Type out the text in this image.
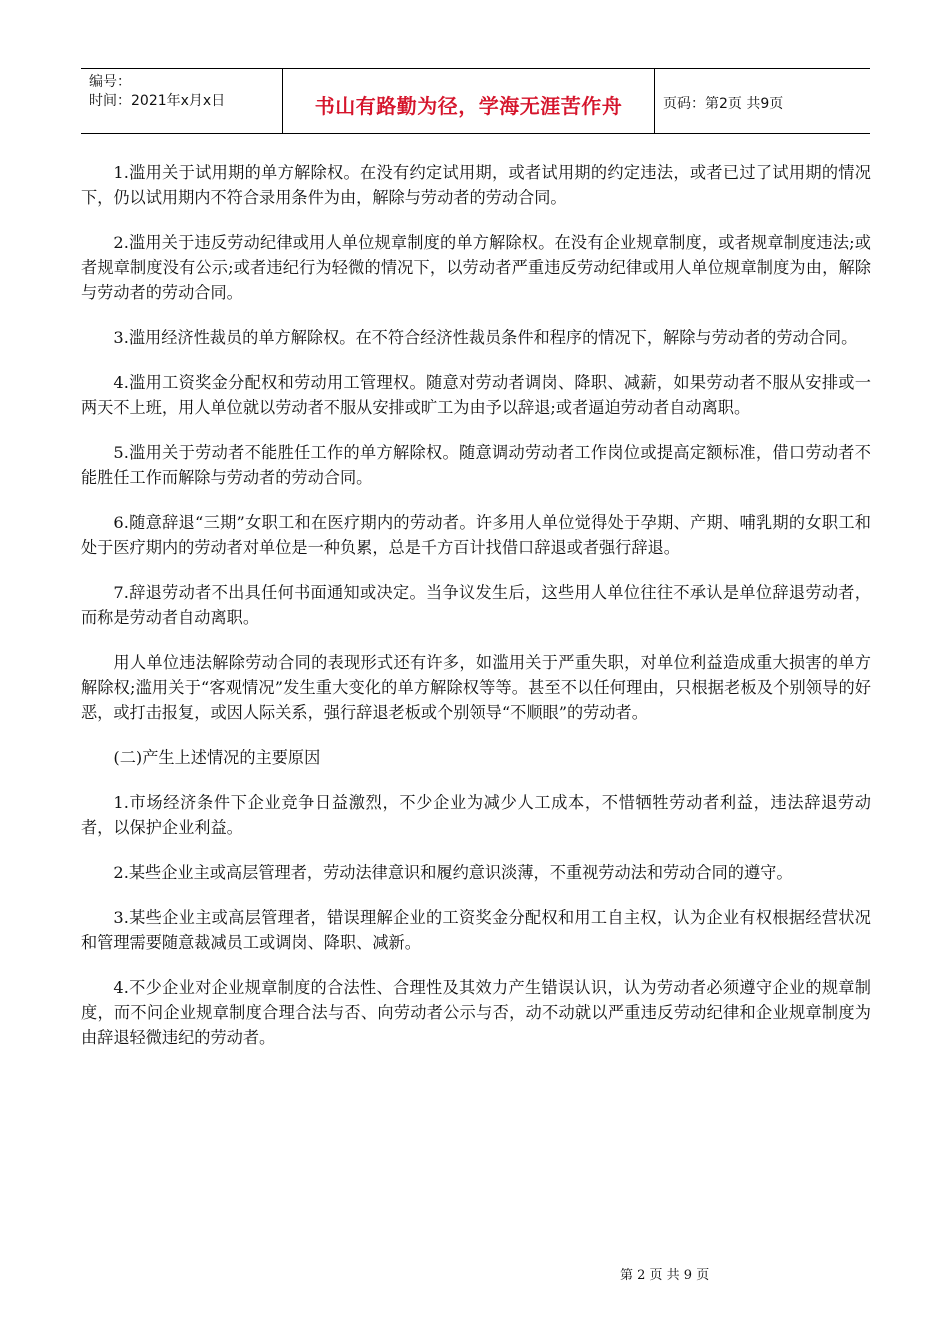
编号：
时间：2021年x月x日	书山有路勤为径，学海无涯苦作舟	页码：第2页 共9页

1.滥用关于试用期的单方解除权。在没有约定试用期，或者试用期的约定违法，或者已过了试用期的情况下，仍以试用期内不符合录用条件为由，解除与劳动者的劳动合同。

2.滥用关于违反劳动纪律或用人单位规章制度的单方解除权。在没有企业规章制度，或者规章制度违法;或者规章制度没有公示;或者违纪行为轻微的情况下，以劳动者严重违反劳动纪律或用人单位规章制度为由，解除与劳动者的劳动合同。

3.滥用经济性裁员的单方解除权。在不符合经济性裁员条件和程序的情况下，解除与劳动者的劳动合同。

4.滥用工资奖金分配权和劳动用工管理权。随意对劳动者调岗、降职、减薪，如果劳动者不服从安排或一两天不上班，用人单位就以劳动者不服从安排或旷工为由予以辞退;或者逼迫劳动者自动离职。

5.滥用关于劳动者不能胜任工作的单方解除权。随意调动劳动者工作岗位或提高定额标准，借口劳动者不能胜任工作而解除与劳动者的劳动合同。

6.随意辞退“三期”女职工和在医疗期内的劳动者。许多用人单位觉得处于孕期、产期、哺乳期的女职工和处于医疗期内的劳动者对单位是一种负累，总是千方百计找借口辞退或者强行辞退。

7.辞退劳动者不出具任何书面通知或决定。当争议发生后，这些用人单位往往不承认是单位辞退劳动者，而称是劳动者自动离职。

用人单位违法解除劳动合同的表现形式还有许多，如滥用关于严重失职，对单位利益造成重大损害的单方解除权;滥用关于“客观情况”发生重大变化的单方解除权等等。甚至不以任何理由，只根据老板及个别领导的好恶，或打击报复，或因人际关系，强行辞退老板或个别领导“不顺眼”的劳动者。

(二)产生上述情况的主要原因

1.市场经济条件下企业竞争日益激烈，不少企业为减少人工成本，不惜牺牲劳动者利益，违法辞退劳动者，以保护企业利益。

2.某些企业主或高层管理者，劳动法律意识和履约意识淡薄，不重视劳动法和劳动合同的遵守。

3.某些企业主或高层管理者，错误理解企业的工资奖金分配权和用工自主权，认为企业有权根据经营状况和管理需要随意裁减员工或调岗、降职、减新。

4.不少企业对企业规章制度的合法性、合理性及其效力产生错误认识，认为劳动者必须遵守企业的规章制度，而不问企业规章制度合理合法与否、向劳动者公示与否，动不动就以严重违反劳动纪律和企业规章制度为由辞退轻微违纪的劳动者。

第 2 页 共 9 页
